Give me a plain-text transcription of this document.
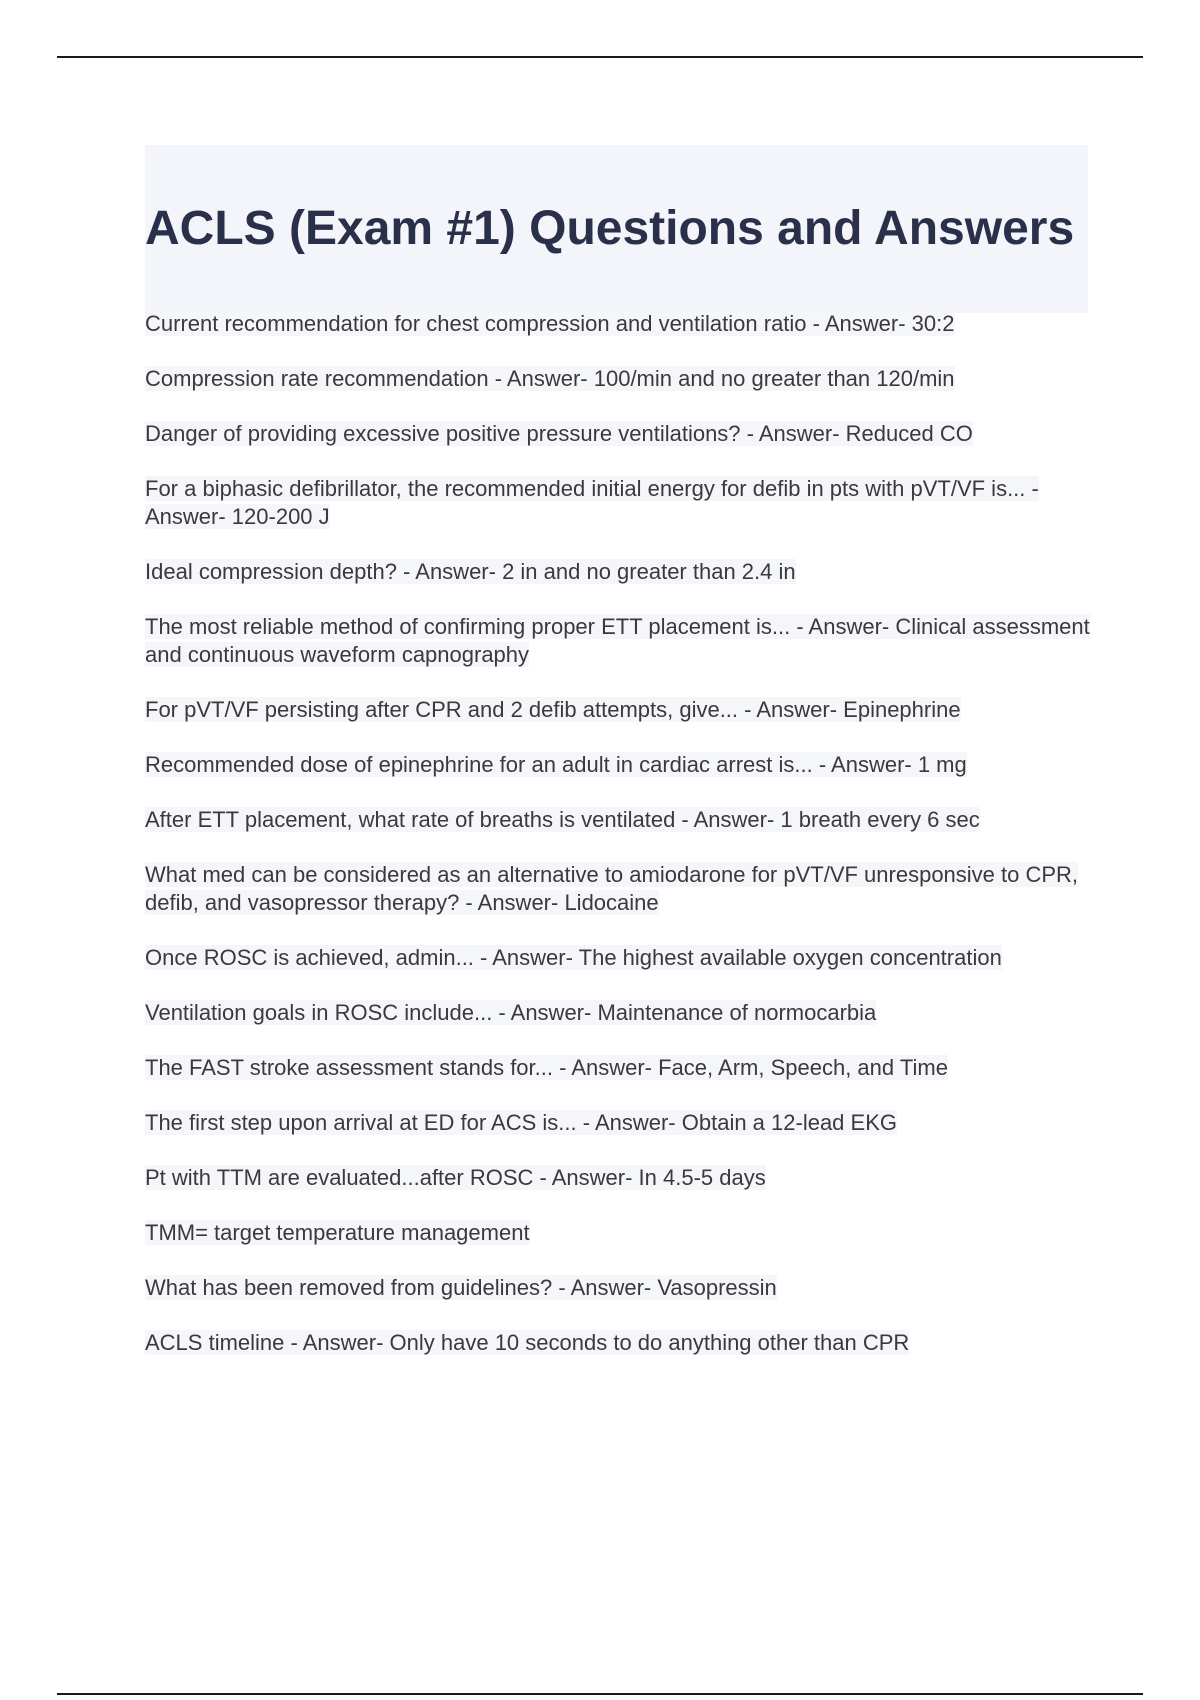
ACLS (Exam #1) Questions and Answers
Current recommendation for chest compression and ventilation ratio - Answer- 30:2
Compression rate recommendation - Answer- 100/min and no greater than 120/min
Danger of providing excessive positive pressure ventilations? - Answer- Reduced CO
For a biphasic defibrillator, the recommended initial energy for defib in pts with pVT/VF is... - Answer- 120-200 J
Ideal compression depth? - Answer- 2 in and no greater than 2.4 in
The most reliable method of confirming proper ETT placement is... - Answer- Clinical assessment and continuous waveform capnography
For pVT/VF persisting after CPR and 2 defib attempts, give... - Answer- Epinephrine
Recommended dose of epinephrine for an adult in cardiac arrest is... - Answer- 1 mg
After ETT placement, what rate of breaths is ventilated - Answer- 1 breath every 6 sec
What med can be considered as an alternative to amiodarone for pVT/VF unresponsive to CPR, defib, and vasopressor therapy? - Answer- Lidocaine
Once ROSC is achieved, admin... - Answer- The highest available oxygen concentration
Ventilation goals in ROSC include... - Answer- Maintenance of normocarbia
The FAST stroke assessment stands for... - Answer- Face, Arm, Speech, and Time
The first step upon arrival at ED for ACS is... - Answer- Obtain a 12-lead EKG
Pt with TTM are evaluated...after ROSC - Answer- In 4.5-5 days
TMM= target temperature management
What has been removed from guidelines? - Answer- Vasopressin
ACLS timeline - Answer- Only have 10 seconds to do anything other than CPR
